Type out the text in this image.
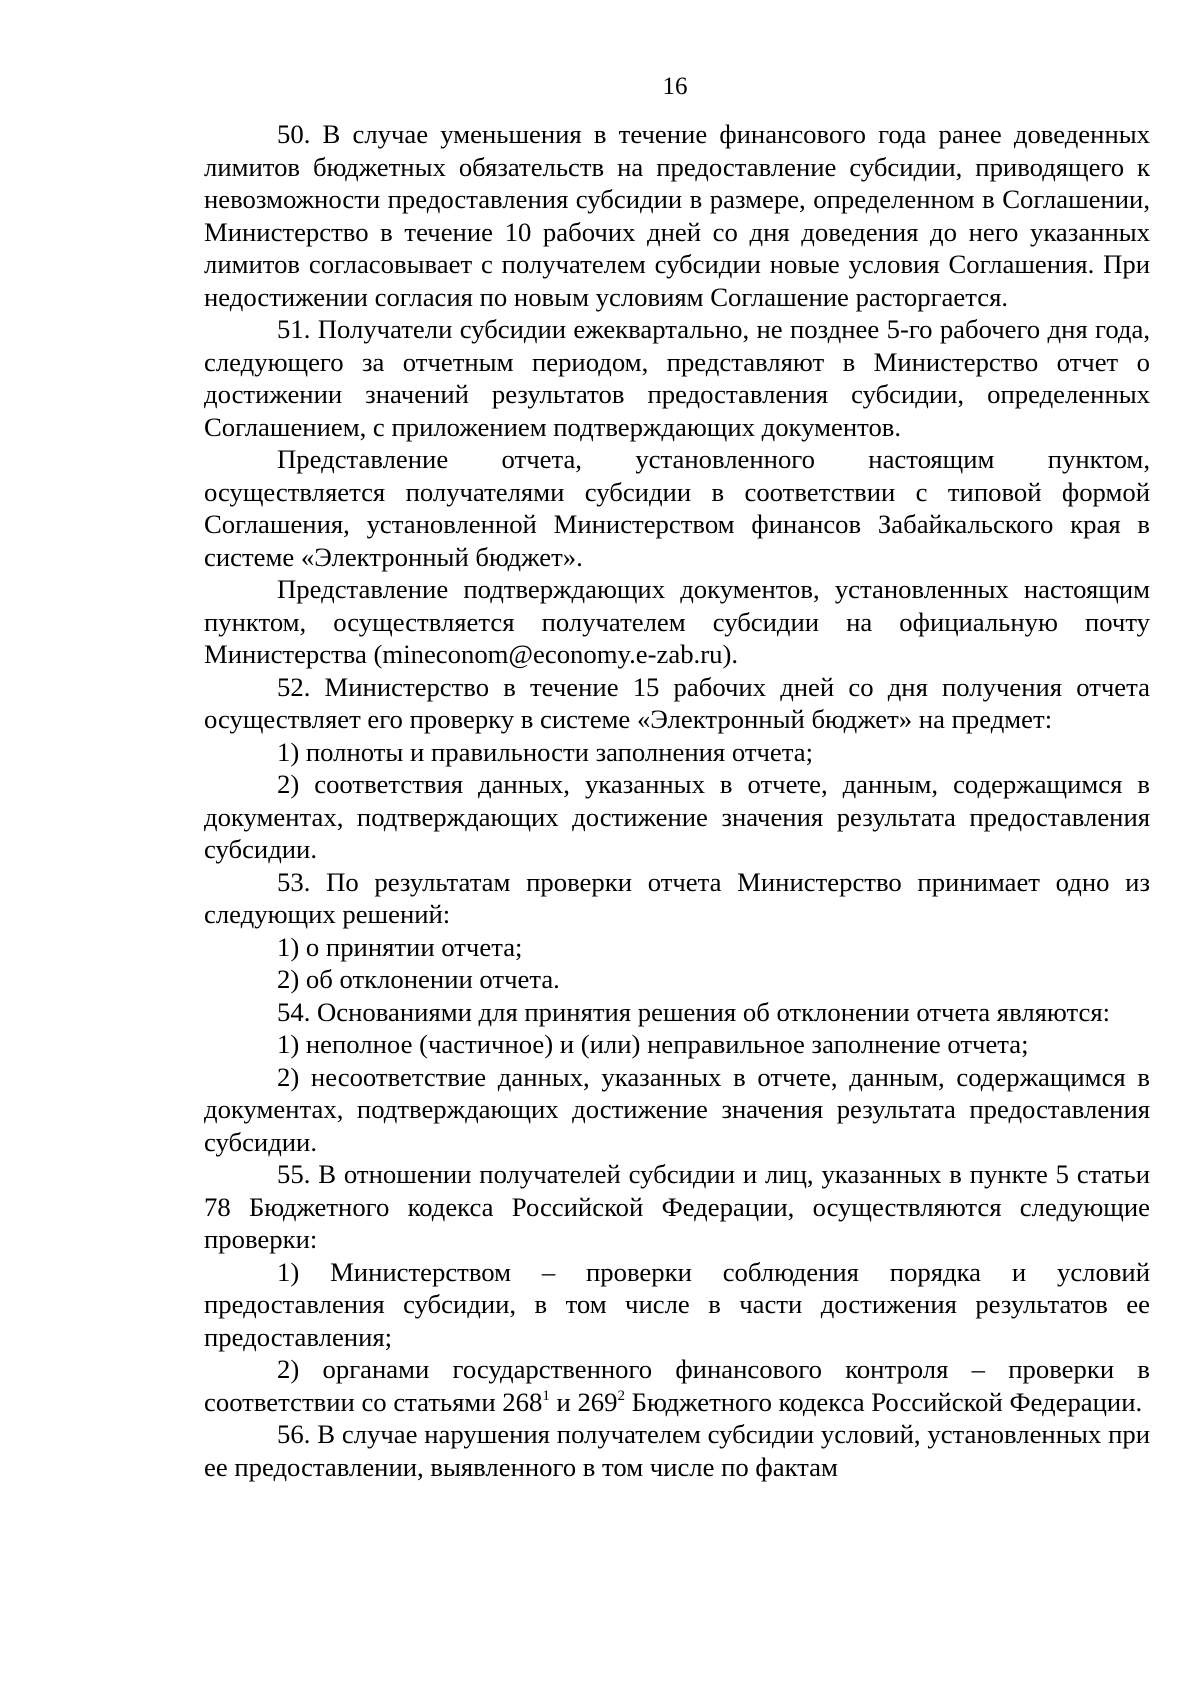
16

50. В случае уменьшения в течение финансового года ранее доведенных лимитов бюджетных обязательств на предоставление субсидии, приводящего к невозможности предоставления субсидии в размере, определенном в Соглашении, Министерство в течение 10 рабочих дней со дня доведения до него указанных лимитов согласовывает с получателем субсидии новые условия Соглашения. При недостижении согласия по новым условиям Соглашение расторгается.

51. Получатели субсидии ежеквартально, не позднее 5-го рабочего дня года, следующего за отчетным периодом, представляют в Министерство отчет о достижении значений результатов предоставления субсидии, определенных Соглашением, с приложением подтверждающих документов.

Представление отчета, установленного настоящим пунктом, осуществляется получателями субсидии в соответствии с типовой формой Соглашения, установленной Министерством финансов Забайкальского края в системе «Электронный бюджет».

Представление подтверждающих документов, установленных настоящим пунктом, осуществляется получателем субсидии на официальную почту Министерства (mineconom@economy.e-zab.ru).

52. Министерство в течение 15 рабочих дней со дня получения отчета осуществляет его проверку в системе «Электронный бюджет» на предмет:

1) полноты и правильности заполнения отчета;

2) соответствия данных, указанных в отчете, данным, содержащимся в документах, подтверждающих достижение значения результата предоставления субсидии.

53. По результатам проверки отчета Министерство принимает одно из следующих решений:

1) о принятии отчета;

2) об отклонении отчета.

54. Основаниями для принятия решения об отклонении отчета являются:

1) неполное (частичное) и (или) неправильное заполнение отчета;

2) несоответствие данных, указанных в отчете, данным, содержащимся в документах, подтверждающих достижение значения результата предоставления субсидии.

55. В отношении получателей субсидии и лиц, указанных в пункте 5 статьи 78 Бюджетного кодекса Российской Федерации, осуществляются следующие проверки:

1) Министерством – проверки соблюдения порядка и условий предоставления субсидии, в том числе в части достижения результатов ее предоставления;

2) органами государственного финансового контроля – проверки в соответствии со статьями $268^1$ и $269^2$ Бюджетного кодекса Российской Федерации.

56. В случае нарушения получателем субсидии условий, установленных при ее предоставлении, выявленного в том числе по фактам
